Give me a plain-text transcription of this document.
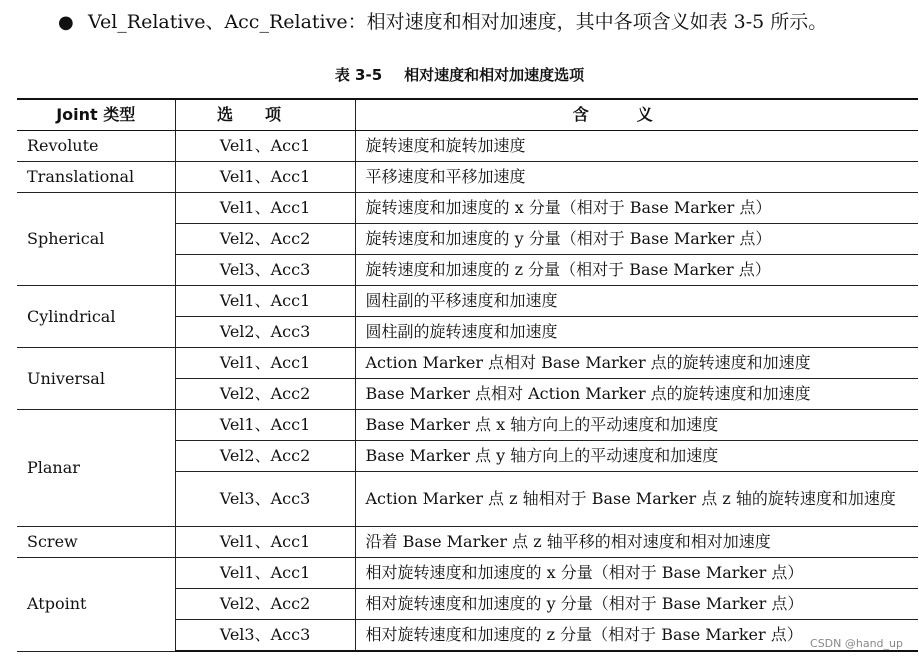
● Vel_Relative、Acc_Relative：相对速度和相对加速度，其中各项含义如表 3-5 所示。
表 3-5 相对速度和相对加速度选项
Joint 类型	选项	含义
Revolute	Vel1、Acc1	旋转速度和旋转加速度
Translational	Vel1、Acc1	平移速度和平移加速度
Spherical	Vel1、Acc1	旋转速度和加速度的 x 分量（相对于 Base Marker 点）
	Vel2、Acc2	旋转速度和加速度的 y 分量（相对于 Base Marker 点）
	Vel3、Acc3	旋转速度和加速度的 z 分量（相对于 Base Marker 点）
Cylindrical	Vel1、Acc1	圆柱副的平移速度和加速度
	Vel2、Acc3	圆柱副的旋转速度和加速度
Universal	Vel1、Acc1	Action Marker 点相对 Base Marker 点的旋转速度和加速度
	Vel2、Acc2	Base Marker 点相对 Action Marker 点的旋转速度和加速度
Planar	Vel1、Acc1	Base Marker 点 x 轴方向上的平动速度和加速度
	Vel2、Acc2	Base Marker 点 y 轴方向上的平动速度和加速度
	Vel3、Acc3	Action Marker 点 z 轴相对于 Base Marker 点 z 轴的旋转速度和加速度
Screw	Vel1、Acc1	沿着 Base Marker 点 z 轴平移的相对速度和相对加速度
Atpoint	Vel1、Acc1	相对旋转速度和加速度的 x 分量（相对于 Base Marker 点）
	Vel2、Acc2	相对旋转速度和加速度的 y 分量（相对于 Base Marker 点）
	Vel3、Acc3	相对旋转速度和加速度的 z 分量（相对于 Base Marker 点） CSDN @hand_up
